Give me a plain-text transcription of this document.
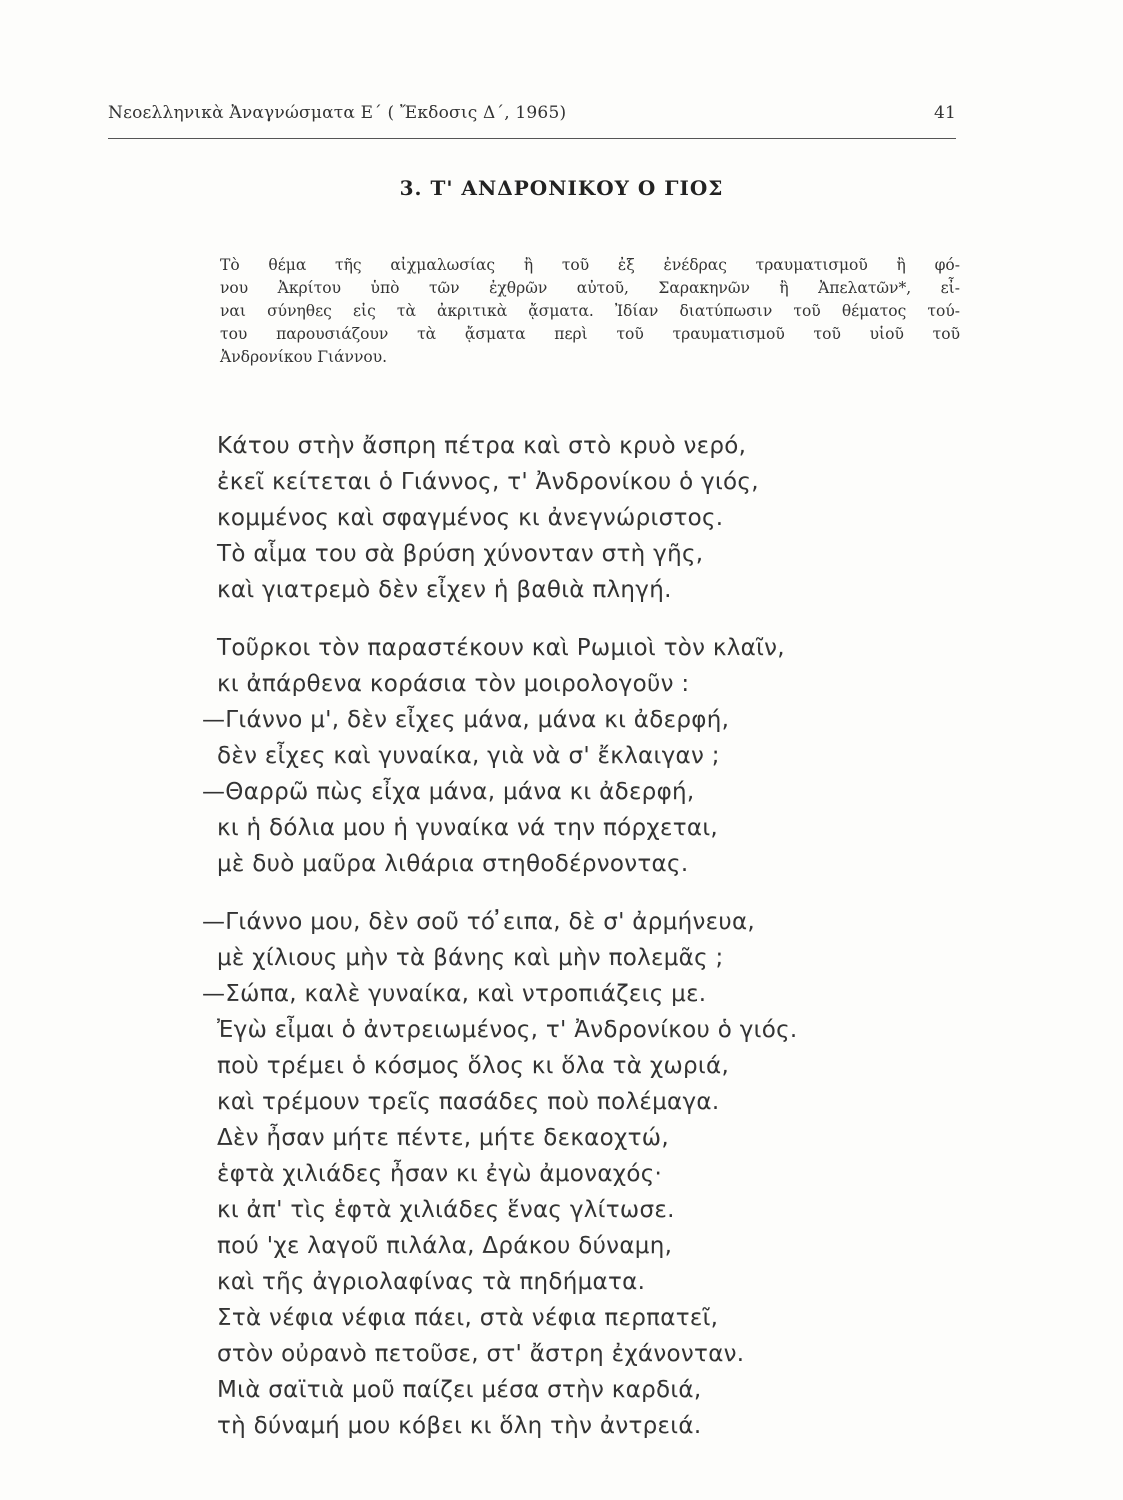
Νεοελληνικὰ Ἀναγνώσματα Ε΄ ( Ἔκδοσις Δ΄, 1965)	41
3. Τ' ΑΝΔΡΟΝΙΚΟΥ Ο ΓΙΟΣ
Τὸ θέμα τῆς αἰχμαλωσίας ἢ τοῦ ἐξ ἐνέδρας τραυματισμοῦ ἢ φό-
νου Ἀκρίτου ὑπὸ τῶν ἐχθρῶν αὐτοῦ, Σαρακηνῶν ἢ Ἀπελατῶν*, εἶ-
ναι σύνηθες εἰς τὰ ἀκριτικὰ ᾄσματα. Ἰδίαν διατύπωσιν τοῦ θέματος τού-
του παρουσιάζουν τὰ ᾄσματα περὶ τοῦ τραυματισμοῦ τοῦ υἱοῦ τοῦ
Ἀνδρονίκου Γιάννου.
Κάτου στὴν ἄσπρη πέτρα καὶ στὸ κρυὸ νερό,
ἐκεῖ κείτεται ὁ Γιάννος, τ' Ἀνδρονίκου ὁ γιός,
κομμένος καὶ σφαγμένος κι ἀνεγνώριστος.
Τὸ αἷμα του σὰ βρύση χύνονταν στὴ γῆς,
καὶ γιατρεμὸ δὲν εἶχεν ἡ βαθιὰ πληγή.
Τοῦρκοι τὸν παραστέκουν καὶ Ρωμιοὶ τὸν κλαῖν,
κι ἀπάρθενα κοράσια τὸν μοιρολογοῦν :
—Γιάννο μ', δὲν εἶχες μάνα, μάνα κι ἀδερφή,
δὲν εἶχες καὶ γυναίκα, γιὰ νὰ σ' ἔκλαιγαν ;
—Θαρρῶ πὼς εἶχα μάνα, μάνα κι ἀδερφή,
κι ἡ δόλια μου ἡ γυναίκα νά την πόρχεται,
μὲ δυὸ μαῦρα λιθάρια στηθοδέρνοντας.
—Γιάννο μου, δὲν σοῦ τό ̓ειπα, δὲ σ' ἀρμήνευα,
μὲ χίλιους μὴν τὰ βάνης καὶ μὴν πολεμᾶς ;
—Σώπα, καλὲ γυναίκα, καὶ ντροπιάζεις με.
Ἐγὼ εἶμαι ὁ ἀντρειωμένος, τ' Ἀνδρονίκου ὁ γιός.
ποὺ τρέμει ὁ κόσμος ὅλος κι ὅλα τὰ χωριά,
καὶ τρέμουν τρεῖς πασάδες ποὺ πολέμαγα.
Δὲν ἦσαν μήτε πέντε, μήτε δεκαοχτώ,
ἑφτὰ χιλιάδες ἦσαν κι ἐγὼ ἀμοναχός·
κι ἀπ' τὶς ἑφτὰ χιλιάδες ἕνας γλίτωσε.
πού 'χε λαγοῦ πιλάλα, Δράκου δύναμη,
καὶ τῆς ἀγριολαφίνας τὰ πηδήματα.
Στὰ νέφια νέφια πάει, στὰ νέφια περπατεῖ,
στὸν οὐρανὸ πετοῦσε, στ' ἄστρη ἐχάνονταν.
Μιὰ σαϊτιὰ μοῦ παίζει μέσα στὴν καρδιά,
τὴ δύναμή μου κόβει κι ὅλη τὴν ἀντρειά.
